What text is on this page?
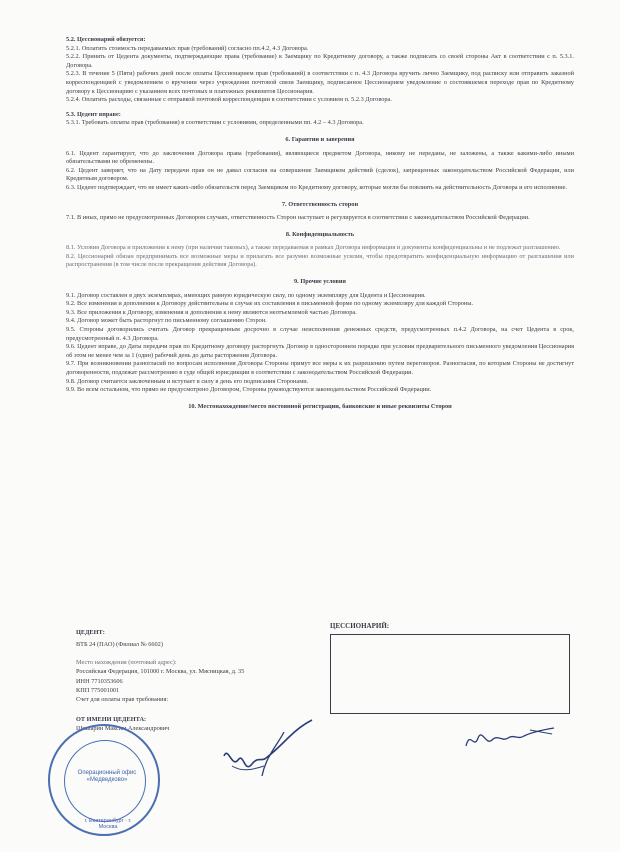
5.2. Цессионарий обязуется:

5.2.1. Оплатить стоимость передаваемых прав (требований) согласно пп.4.2, 4.3 Договора.

5.2.2. Принять от Цедента документы, подтверждающие права (требование) к Заемщику по Кредитному договору, а также подписать со своей стороны Акт в соответствии с п. 5.3.1. Договора.

5.2.3. В течение 5 (Пяти) рабочих дней после оплаты Цессионарием прав (требований) в соответствии с п. 4.3 Договора вручить лично Заемщику, под расписку или отправить заказной корреспонденцией с уведомлением о вручении через учреждения почтовой связи Заемщику, подписанное Цессионарием уведомление о состоявшемся переходе прав по Кредитному договору к Цессионарию с указанием всех почтовых и платежных реквизитов Цессионария.

5.2.4. Оплатить расходы, связанные с отправкой почтовой корреспонденции в соответствии с условием п. 5.2.3 Договора.

5.3. Цедент вправе:

5.3.1. Требовать оплаты прав (требования) в соответствии с условиями, определенными пп. 4.2 – 4.3 Договора.

6. Гарантии и заверения

6.1. Цедент гарантирует, что до заключения Договора права (требования), являющиеся предметом Договора, никому не переданы, не заложены, а также какими-либо иными обязательствами не обременены.

6.2. Цедент заверяет, что на Дату передачи прав он не давал согласия на совершение Заемщиком действий (сделок), запрещенных законодательством Российской Федерации, или Кредитным договором.

6.3. Цедент подтверждает, что не имеет каких-либо обязательств перед Заемщиком по Кредитному договору, которые могли бы повлиять на действительность Договора и его исполнение.

7. Ответственность сторон

7.1. В иных, прямо не предусмотренных Договором случаях, ответственность Сторон наступает и регулируется в соответствии с законодательством Российской Федерации.

8. Конфиденциальность

8.1. Условия Договора и приложения к нему (при наличии таковых), а также передаваемая в рамках Договора информация и документы конфиденциальны и не подлежат разглашению.

8.2. Цессионарий обязан предпринимать все возможные меры и прилагать все разумно возможные усилия, чтобы предотвратить конфиденциальную информацию от разглашения или распространения (в том числе после прекращения действия Договора).

9. Прочие условия

9.1. Договор составлен в двух экземплярах, имеющих равную юридическую силу, по одному экземпляру для Цедента и Цессионария.

9.2. Все изменения и дополнения к Договору действительны в случае их составления в письменной форме по одному экземпляру для каждой Стороны.

9.3. Все приложения к Договору, изменения и дополнения к нему являются неотъемлемой частью Договора.

9.4. Договор может быть расторгнут по письменному соглашению Сторон.

9.5. Стороны договорились считать Договор прекращенным досрочно в случае неисполнения денежных средств, предусмотренных п.4.2 Договора, на счет Цедента в срок, предусмотренный п. 4.3 Договора.

9.6. Цедент вправе, до Даты передачи прав по Кредитному договору расторгнуть Договор в одностороннем порядке при условии предварительного письменного уведомления Цессионария об этом не менее чем за 1 (один) рабочий день до даты расторжения Договора.

9.7. При возникновении разногласий по вопросам исполнения Договора Стороны примут все меры к их разрешению путем переговоров. Разногласия, по которым Стороны не достигнут договоренности, подлежат рассмотрению в суде общей юрисдикции в соответствии с законодательством Российской Федерации.

9.8. Договор считается заключенным и вступает в силу в день его подписания Сторонами.

9.9. Во всем остальном, что прямо не предусмотрено Договором, Стороны руководствуются законодательством Российской Федерации.

10. Местонахождение/место постоянной регистрации, банковские и иные реквизиты Сторон

ЦЕДЕНТ:
ВТБ 24 (ПАО) (Филиал № 6602)
Место нахождения (почтовый адрес):
Российская Федерация, 101000 г. Москва, ул. Мясницкая, д. 35
ИНН 7710353606
КПП 775001001
Счет для оплаты прав требования:
ОТ ИМЕНИ ЦЕДЕНТА:
Шишарин Максим Александрович
ЦЕССИОНАРИЙ:
Операционный офис «Медведково»
г. Екатеринбург · г. Москва
